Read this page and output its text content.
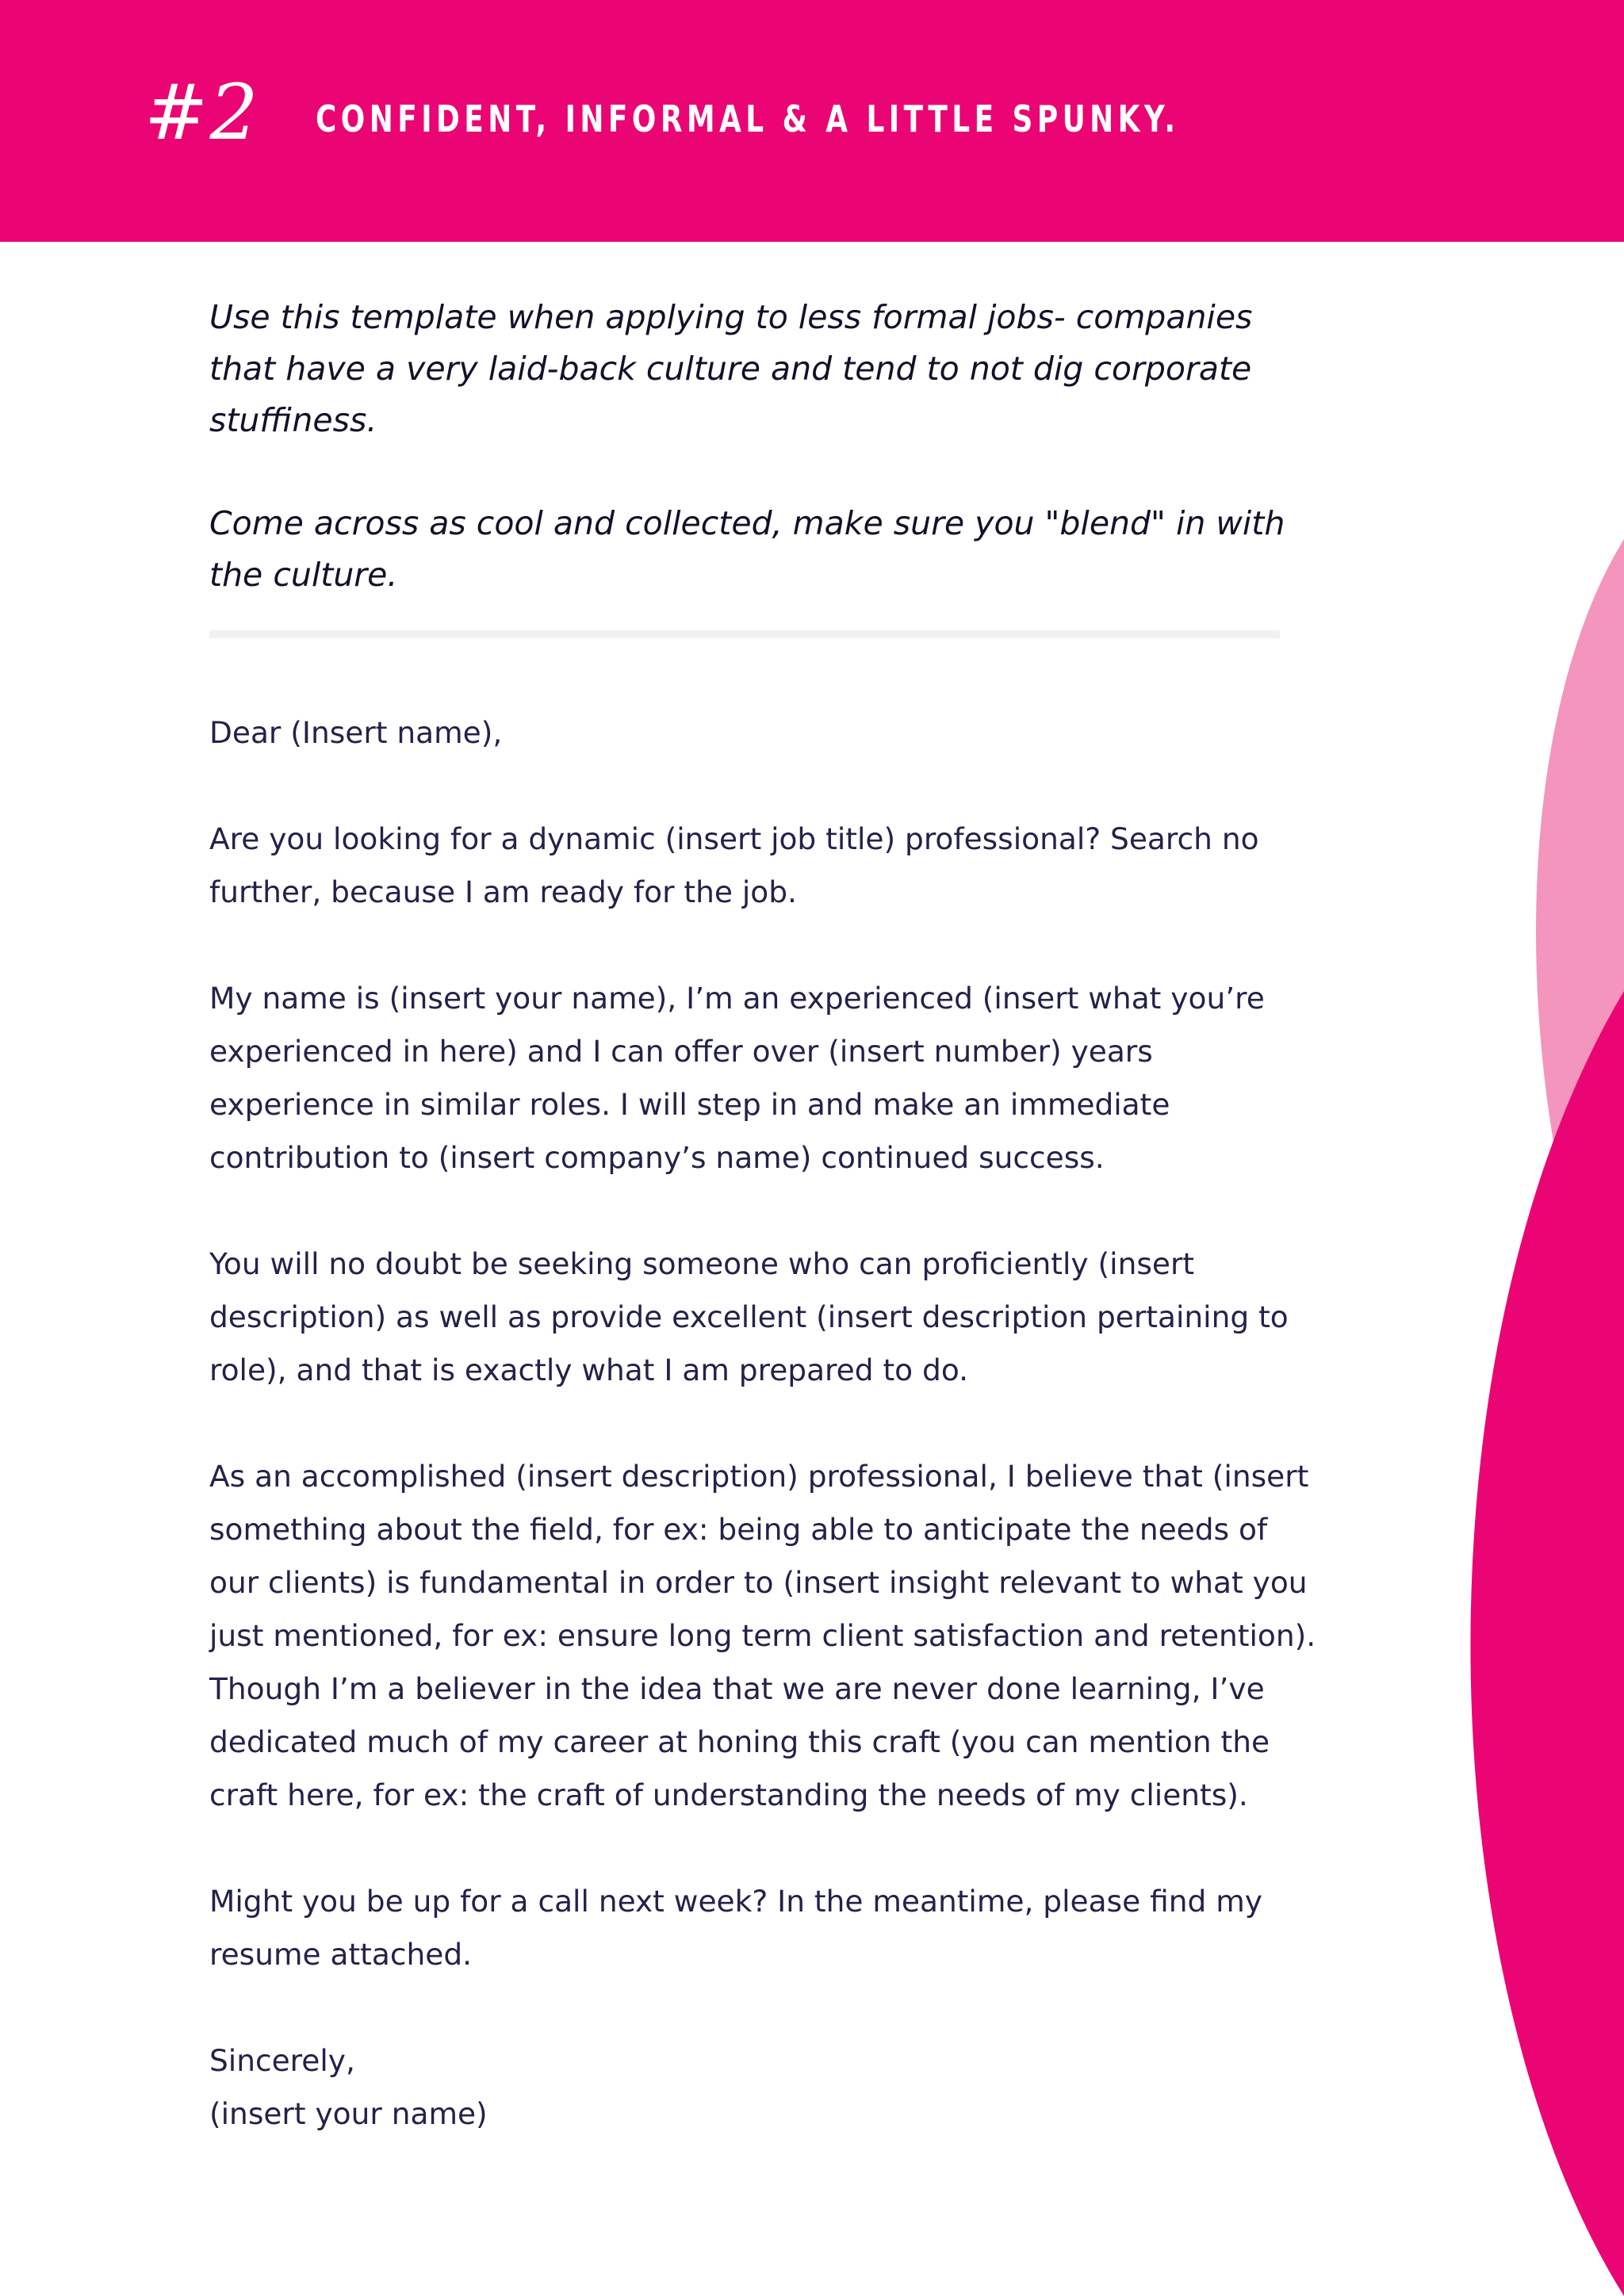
#2 CONFIDENT, INFORMAL & A LITTLE SPUNKY.

Use this template when applying to less formal jobs- companies that have a very laid-back culture and tend to not dig corporate stuffiness.

Come across as cool and collected, make sure you "blend" in with the culture.

Dear (Insert name),

Are you looking for a dynamic (insert job title) professional? Search no further, because I am ready for the job.

My name is (insert your name), I’m an experienced (insert what you’re experienced in here) and I can offer over (insert number) years experience in similar roles. I will step in and make an immediate contribution to (insert company’s name) continued success.

You will no doubt be seeking someone who can proficiently (insert description) as well as provide excellent (insert description pertaining to role), and that is exactly what I am prepared to do.

As an accomplished (insert description) professional, I believe that (insert something about the field, for ex: being able to anticipate the needs of our clients) is fundamental in order to (insert insight relevant to what you just mentioned, for ex: ensure long term client satisfaction and retention). Though I’m a believer in the idea that we are never done learning, I’ve dedicated much of my career at honing this craft (you can mention the craft here, for ex: the craft of understanding the needs of my clients).

Might you be up for a call next week? In the meantime, please find my resume attached.

Sincerely,

(insert your name)
